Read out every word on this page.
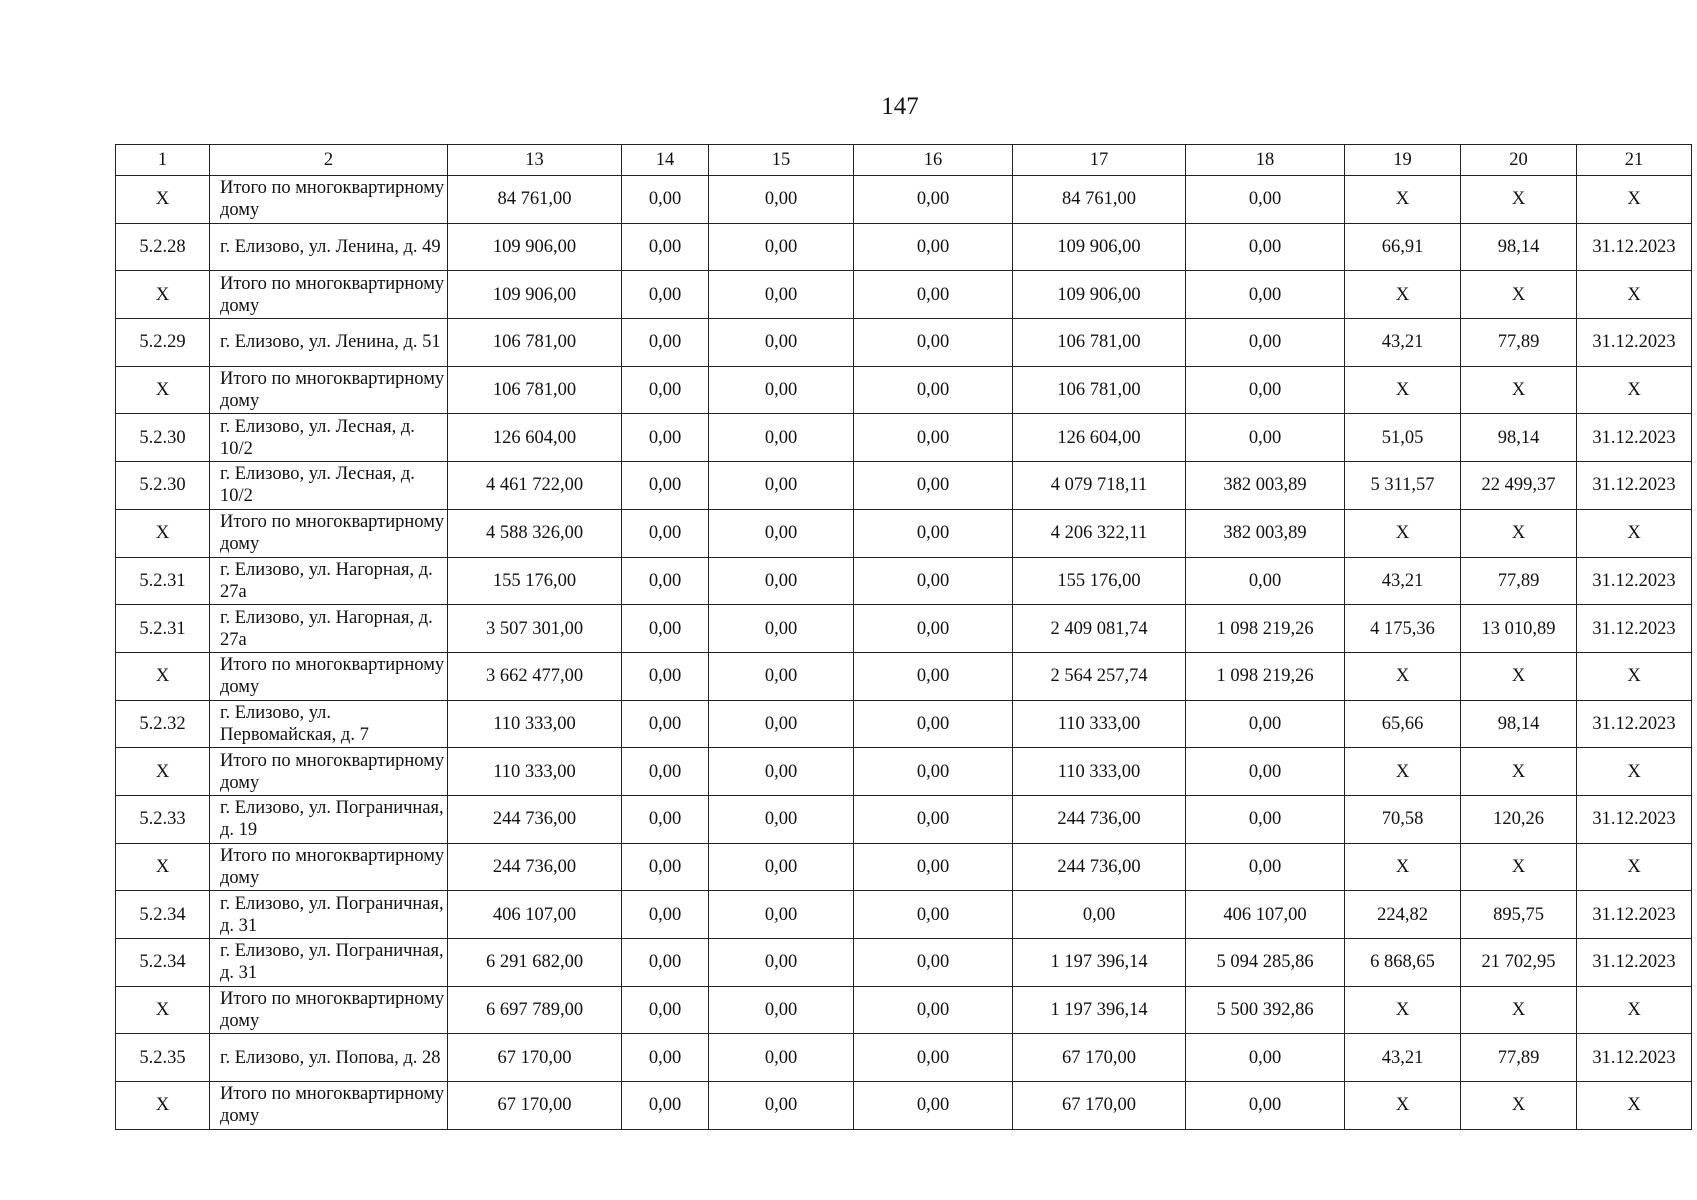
147
1	2	13	14	15	16	17	18	19	20	21
Х	Итого по многоквартирному дому	84 761,00	0,00	0,00	0,00	84 761,00	0,00	Х	Х	Х
5.2.28	г. Елизово, ул. Ленина, д. 49	109 906,00	0,00	0,00	0,00	109 906,00	0,00	66,91	98,14	31.12.2023
Х	Итого по многоквартирному дому	109 906,00	0,00	0,00	0,00	109 906,00	0,00	Х	Х	Х
5.2.29	г. Елизово, ул. Ленина, д. 51	106 781,00	0,00	0,00	0,00	106 781,00	0,00	43,21	77,89	31.12.2023
Х	Итого по многоквартирному дому	106 781,00	0,00	0,00	0,00	106 781,00	0,00	Х	Х	Х
5.2.30	г. Елизово, ул. Лесная, д. 10/2	126 604,00	0,00	0,00	0,00	126 604,00	0,00	51,05	98,14	31.12.2023
5.2.30	г. Елизово, ул. Лесная, д. 10/2	4 461 722,00	0,00	0,00	0,00	4 079 718,11	382 003,89	5 311,57	22 499,37	31.12.2023
Х	Итого по многоквартирному дому	4 588 326,00	0,00	0,00	0,00	4 206 322,11	382 003,89	Х	Х	Х
5.2.31	г. Елизово, ул. Нагорная, д. 27а	155 176,00	0,00	0,00	0,00	155 176,00	0,00	43,21	77,89	31.12.2023
5.2.31	г. Елизово, ул. Нагорная, д. 27а	3 507 301,00	0,00	0,00	0,00	2 409 081,74	1 098 219,26	4 175,36	13 010,89	31.12.2023
Х	Итого по многоквартирному дому	3 662 477,00	0,00	0,00	0,00	2 564 257,74	1 098 219,26	Х	Х	Х
5.2.32	г. Елизово, ул. Первомайская, д. 7	110 333,00	0,00	0,00	0,00	110 333,00	0,00	65,66	98,14	31.12.2023
Х	Итого по многоквартирному дому	110 333,00	0,00	0,00	0,00	110 333,00	0,00	Х	Х	Х
5.2.33	г. Елизово, ул. Пограничная, д. 19	244 736,00	0,00	0,00	0,00	244 736,00	0,00	70,58	120,26	31.12.2023
Х	Итого по многоквартирному дому	244 736,00	0,00	0,00	0,00	244 736,00	0,00	Х	Х	Х
5.2.34	г. Елизово, ул. Пограничная, д. 31	406 107,00	0,00	0,00	0,00	0,00	406 107,00	224,82	895,75	31.12.2023
5.2.34	г. Елизово, ул. Пограничная, д. 31	6 291 682,00	0,00	0,00	0,00	1 197 396,14	5 094 285,86	6 868,65	21 702,95	31.12.2023
Х	Итого по многоквартирному дому	6 697 789,00	0,00	0,00	0,00	1 197 396,14	5 500 392,86	Х	Х	Х
5.2.35	г. Елизово, ул. Попова, д. 28	67 170,00	0,00	0,00	0,00	67 170,00	0,00	43,21	77,89	31.12.2023
Х	Итого по многоквартирному дому	67 170,00	0,00	0,00	0,00	67 170,00	0,00	Х	Х	Х
